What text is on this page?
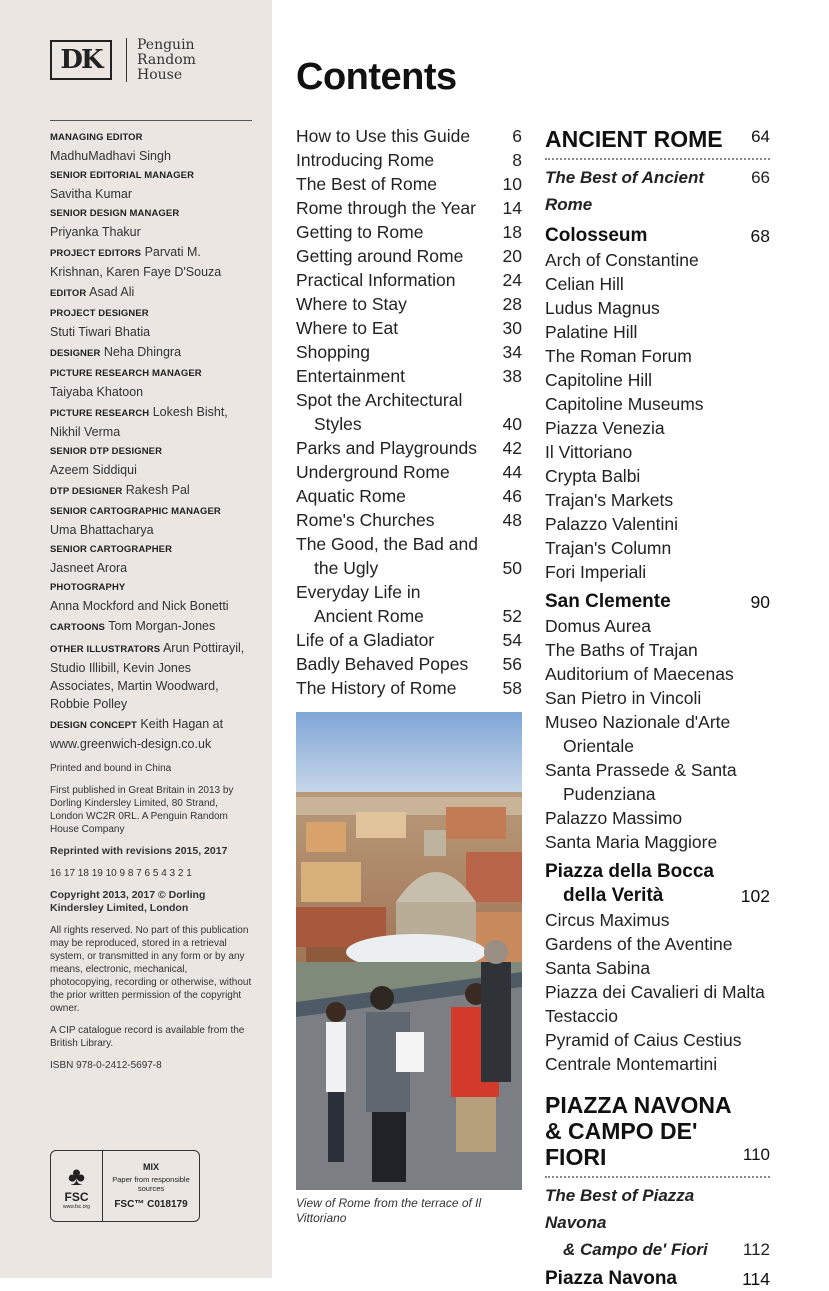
DK
Penguin
Random
House
MANAGING EDITOR
MadhuMadhavi Singh
SENIOR EDITORIAL MANAGER
Savitha Kumar
SENIOR DESIGN MANAGER
Priyanka Thakur
PROJECT EDITORS Parvati M. Krishnan, Karen Faye D'Souza
EDITOR Asad Ali
PROJECT DESIGNER
Stuti Tiwari Bhatia
DESIGNER Neha Dhingra
PICTURE RESEARCH MANAGER
Taiyaba Khatoon
PICTURE RESEARCH Lokesh Bisht, Nikhil Verma
SENIOR DTP DESIGNER
Azeem Siddiqui
DTP DESIGNER Rakesh Pal
SENIOR CARTOGRAPHIC MANAGER
Uma Bhattacharya
SENIOR CARTOGRAPHER
Jasneet Arora
PHOTOGRAPHY
Anna Mockford and Nick Bonetti
CARTOONS Tom Morgan-Jones
OTHER ILLUSTRATORS Arun Pottirayil, Studio Illibill, Kevin Jones Associates, Martin Woodward, Robbie Polley
DESIGN CONCEPT Keith Hagan at www.greenwich-design.co.uk
Printed and bound in China
First published in Great Britain in 2013 by Dorling Kindersley Limited, 80 Strand, London WC2R 0RL. A Penguin Random House Company
Reprinted with revisions 2015, 2017
16 17 18 19 10 9 8 7 6 5 4 3 2 1
Copyright 2013, 2017 © Dorling Kindersley Limited, London
All rights reserved. No part of this publication may be reproduced, stored in a retrieval system, or transmitted in any form or by any means, electronic, mechanical, photocopying, recording or otherwise, without the prior written permission of the copyright owner.
A CIP catalogue record is available from the British Library.
ISBN 978-0-2412-5697-8
♣
FSC
www.fsc.org
MIX
Paper from responsible sources
FSC™ C018179
Contents
How to Use this Guide	6
Introducing Rome	8
The Best of Rome	10
Rome through the Year	14
Getting to Rome	18
Getting around Rome	20
Practical Information	24
Where to Stay	28
Where to Eat	30
Shopping	34
Entertainment	38
Spot the Architectural
Styles	40
Parks and Playgrounds	42
Underground Rome	44
Aquatic Rome	46
Rome's Churches	48
The Good, the Bad and
the Ugly	50
Everyday Life in
Ancient Rome	52
Life of a Gladiator	54
Badly Behaved Popes	56
The History of Rome	58
View of Rome from the terrace of Il Vittoriano
ANCIENT ROME	64
The Best of Ancient Rome
66
Colosseum	68
Arch of Constantine
Celian Hill
Ludus Magnus
Palatine Hill
The Roman Forum
Capitoline Hill
Capitoline Museums
Piazza Venezia
Il Vittoriano
Crypta Balbi
Trajan's Markets
Palazzo Valentini
Trajan's Column
Fori Imperiali
San Clemente	90
Domus Aurea
The Baths of Trajan
Auditorium of Maecenas
San Pietro in Vincoli
Museo Nazionale d'Arte
Orientale
Santa Prassede & Santa
Pudenziana
Palazzo Massimo
Santa Maria Maggiore
Piazza della Bocca
della Verità	102
Circus Maximus
Gardens of the Aventine
Santa Sabina
Piazza dei Cavalieri di Malta
Testaccio
Pyramid of Caius Cestius
Centrale Montemartini
PIAZZA NAVONA
& CAMPO DE'
FIORI	110
The Best of Piazza Navona
& Campo de' Fiori	112
Piazza Navona	114
